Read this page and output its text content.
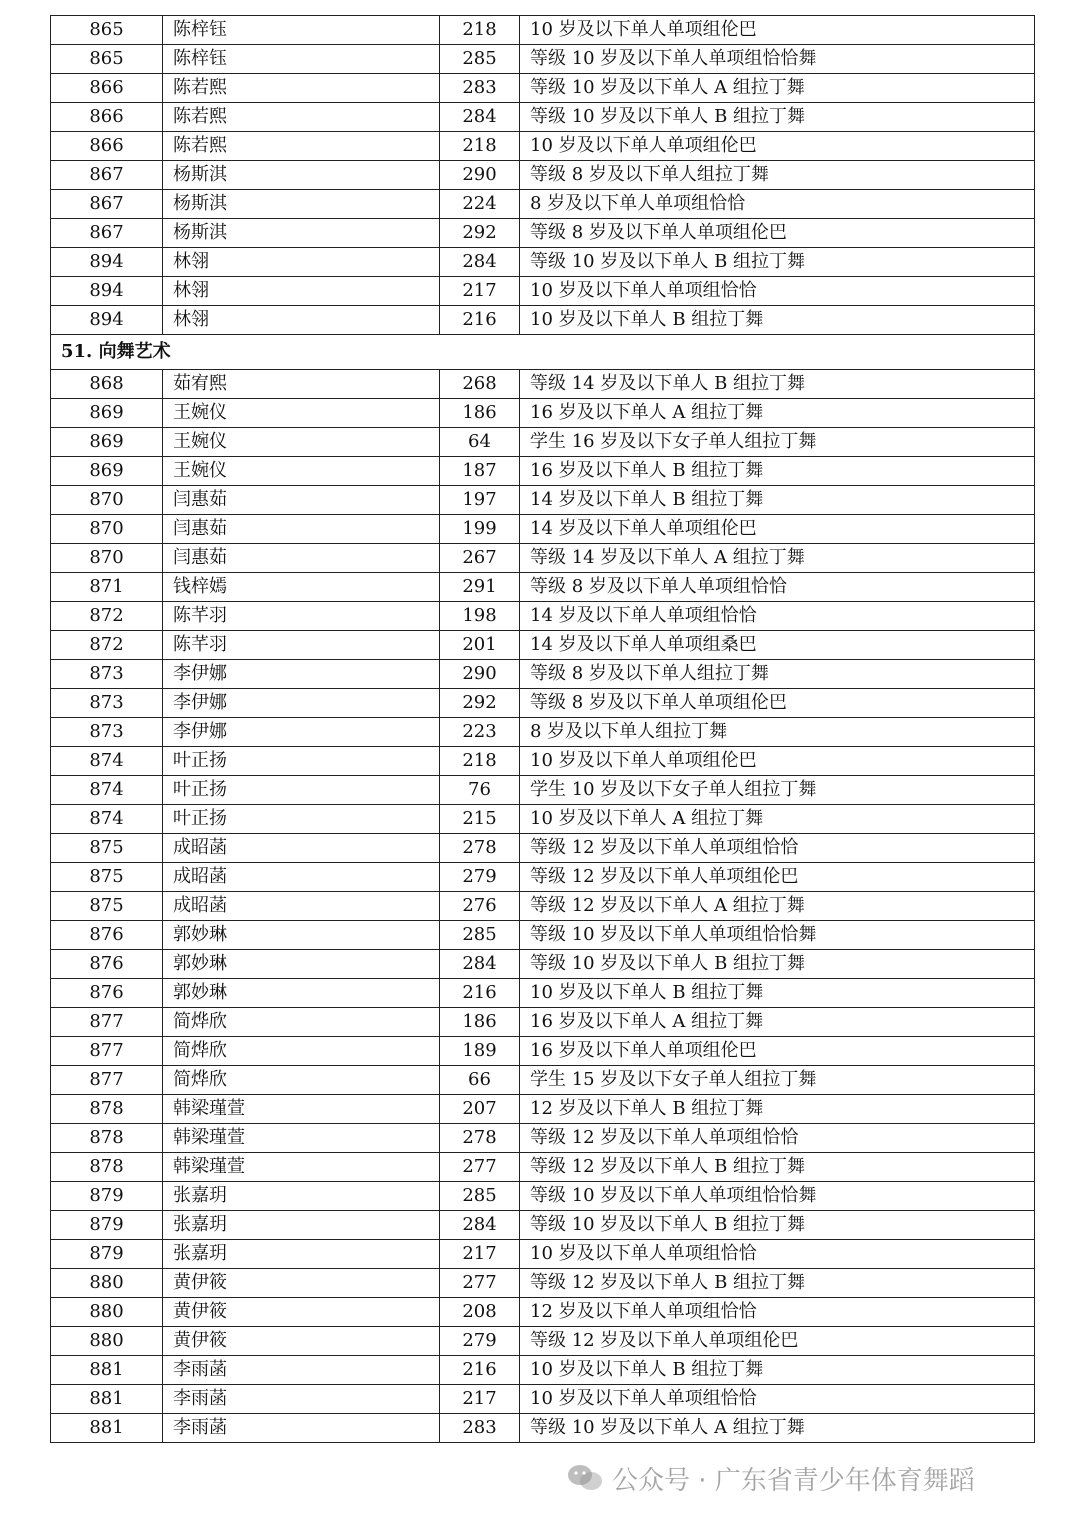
865	陈梓钰	218	10 岁及以下单人单项组伦巴
865	陈梓钰	285	等级 10 岁及以下单人单项组恰恰舞
866	陈若熙	283	等级 10 岁及以下单人 A 组拉丁舞
866	陈若熙	284	等级 10 岁及以下单人 B 组拉丁舞
866	陈若熙	218	10 岁及以下单人单项组伦巴
867	杨斯淇	290	等级 8 岁及以下单人组拉丁舞
867	杨斯淇	224	8 岁及以下单人单项组恰恰
867	杨斯淇	292	等级 8 岁及以下单人单项组伦巴
894	林翎	284	等级 10 岁及以下单人 B 组拉丁舞
894	林翎	217	10 岁及以下单人单项组恰恰
894	林翎	216	10 岁及以下单人 B 组拉丁舞
51. 向舞艺术			
868	茹宥熙	268	等级 14 岁及以下单人 B 组拉丁舞
869	王婉仪	186	16 岁及以下单人 A 组拉丁舞
869	王婉仪	64	学生 16 岁及以下女子单人组拉丁舞
869	王婉仪	187	16 岁及以下单人 B 组拉丁舞
870	闫惠茹	197	14 岁及以下单人 B 组拉丁舞
870	闫惠茹	199	14 岁及以下单人单项组伦巴
870	闫惠茹	267	等级 14 岁及以下单人 A 组拉丁舞
871	钱梓嫣	291	等级 8 岁及以下单人单项组恰恰
872	陈芊羽	198	14 岁及以下单人单项组恰恰
872	陈芊羽	201	14 岁及以下单人单项组桑巴
873	李伊娜	290	等级 8 岁及以下单人组拉丁舞
873	李伊娜	292	等级 8 岁及以下单人单项组伦巴
873	李伊娜	223	8 岁及以下单人组拉丁舞
874	叶正扬	218	10 岁及以下单人单项组伦巴
874	叶正扬	76	学生 10 岁及以下女子单人组拉丁舞
874	叶正扬	215	10 岁及以下单人 A 组拉丁舞
875	成昭菡	278	等级 12 岁及以下单人单项组恰恰
875	成昭菡	279	等级 12 岁及以下单人单项组伦巴
875	成昭菡	276	等级 12 岁及以下单人 A 组拉丁舞
876	郭妙琳	285	等级 10 岁及以下单人单项组恰恰舞
876	郭妙琳	284	等级 10 岁及以下单人 B 组拉丁舞
876	郭妙琳	216	10 岁及以下单人 B 组拉丁舞
877	简烨欣	186	16 岁及以下单人 A 组拉丁舞
877	简烨欣	189	16 岁及以下单人单项组伦巴
877	简烨欣	66	学生 15 岁及以下女子单人组拉丁舞
878	韩梁瑾萱	207	12 岁及以下单人 B 组拉丁舞
878	韩梁瑾萱	278	等级 12 岁及以下单人单项组恰恰
878	韩梁瑾萱	277	等级 12 岁及以下单人 B 组拉丁舞
879	张嘉玥	285	等级 10 岁及以下单人单项组恰恰舞
879	张嘉玥	284	等级 10 岁及以下单人 B 组拉丁舞
879	张嘉玥	217	10 岁及以下单人单项组恰恰
880	黄伊筱	277	等级 12 岁及以下单人 B 组拉丁舞
880	黄伊筱	208	12 岁及以下单人单项组恰恰
880	黄伊筱	279	等级 12 岁及以下单人单项组伦巴
881	李雨菡	216	10 岁及以下单人 B 组拉丁舞
881	李雨菡	217	10 岁及以下单人单项组恰恰
881	李雨菡	283	等级 10 岁及以下单人 A 组拉丁舞
公众号 · 广东省青少年体育舞蹈
